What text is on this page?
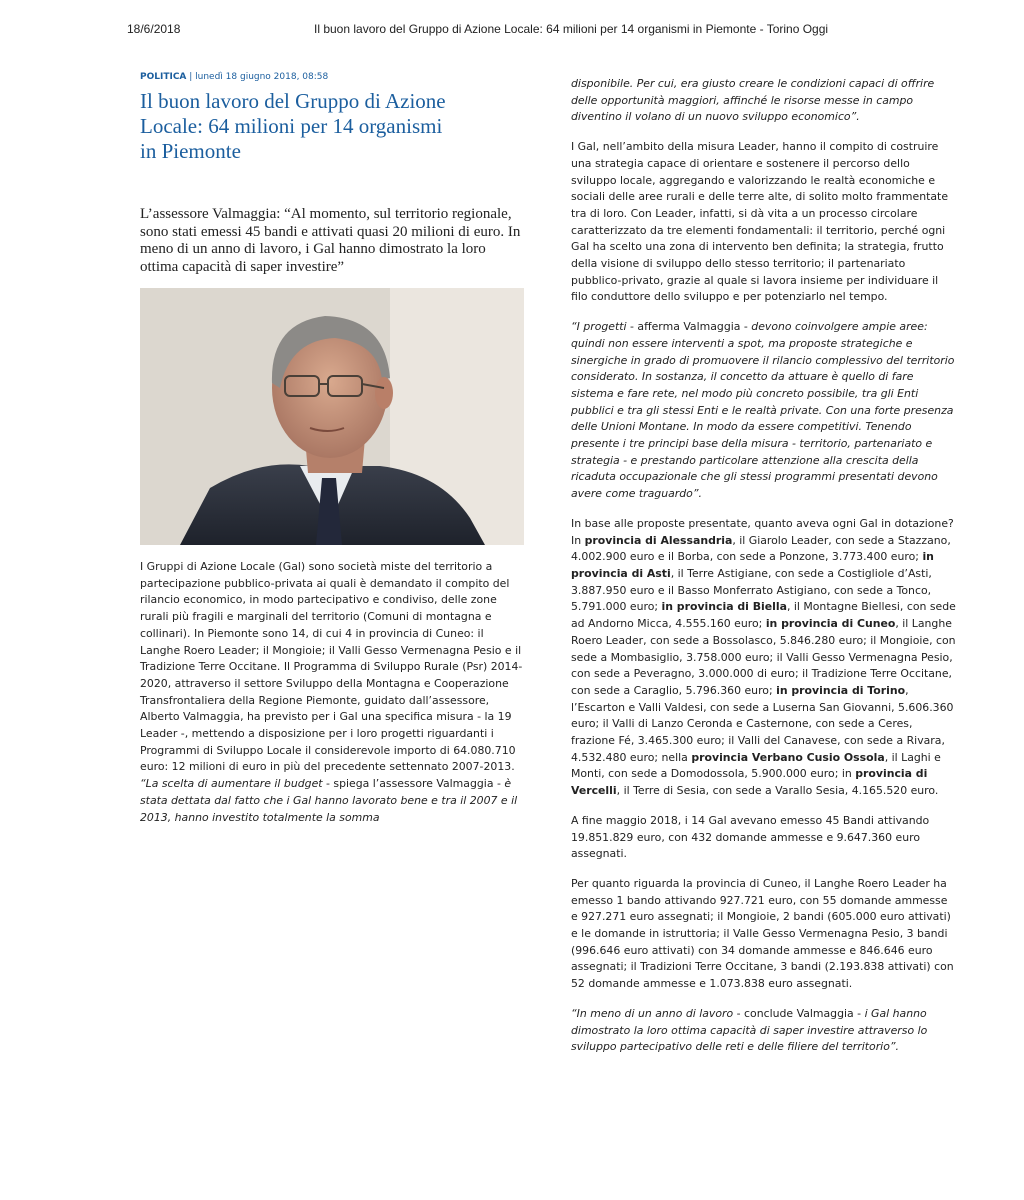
18/6/2018	Il buon lavoro del Gruppo di Azione Locale: 64 milioni per 14 organismi in Piemonte - Torino Oggi
POLITICA | lunedì 18 giugno 2018, 08:58
Il buon lavoro del Gruppo di Azione Locale: 64 milioni per 14 organismi in Piemonte
L’assessore Valmaggia: “Al momento, sul territorio regionale, sono stati emessi 45 bandi e attivati quasi 20 milioni di euro. In meno di un anno di lavoro, i Gal hanno dimostrato la loro ottima capacità di saper investire”

I Gruppi di Azione Locale (Gal) sono società miste del territorio a partecipazione pubblico-privata ai quali è demandato il compito del rilancio economico, in modo partecipativo e condiviso, delle zone rurali più fragili e marginali del territorio (Comuni di montagna e collinari). In Piemonte sono 14, di cui 4 in provincia di Cuneo: il Langhe Roero Leader; il Mongioie; il Valli Gesso Vermenagna Pesio e il Tradizione Terre Occitane. Il Programma di Sviluppo Rurale (Psr) 2014-2020, attraverso il settore Sviluppo della Montagna e Cooperazione Transfrontaliera della Regione Piemonte, guidato dall’assessore, Alberto Valmaggia, ha previsto per i Gal una specifica misura - la 19 Leader -, mettendo a disposizione per i loro progetti riguardanti i Programmi di Sviluppo Locale il considerevole importo di 64.080.710 euro: 12 milioni di euro in più del precedente settennato 2007-2013. “La scelta di aumentare il budget - spiega l’assessore Valmaggia - è stata dettata dal fatto che i Gal hanno lavorato bene e tra il 2007 e il 2013, hanno investito totalmente la somma

disponibile. Per cui, era giusto creare le condizioni capaci di offrire delle opportunità maggiori, affinché le risorse messe in campo diventino il volano di un nuovo sviluppo economico”.

I Gal, nell’ambito della misura Leader, hanno il compito di costruire una strategia capace di orientare e sostenere il percorso dello sviluppo locale, aggregando e valorizzando le realtà economiche e sociali delle aree rurali e delle terre alte, di solito molto frammentate tra di loro. Con Leader, infatti, si dà vita a un processo circolare caratterizzato da tre elementi fondamentali: il territorio, perché ogni Gal ha scelto una zona di intervento ben definita; la strategia, frutto della visione di sviluppo dello stesso territorio; il partenariato pubblico-privato, grazie al quale si lavora insieme per individuare il filo conduttore dello sviluppo e per potenziarlo nel tempo.

“I progetti - afferma Valmaggia - devono coinvolgere ampie aree: quindi non essere interventi a spot, ma proposte strategiche e sinergiche in grado di promuovere il rilancio complessivo del territorio considerato. In sostanza, il concetto da attuare è quello di fare sistema e fare rete, nel modo più concreto possibile, tra gli Enti pubblici e tra gli stessi Enti e le realtà private. Con una forte presenza delle Unioni Montane. In modo da essere competitivi. Tenendo presente i tre principi base della misura - territorio, partenariato e strategia - e prestando particolare attenzione alla crescita della ricaduta occupazionale che gli stessi programmi presentati devono avere come traguardo”.

In base alle proposte presentate, quanto aveva ogni Gal in dotazione? In provincia di Alessandria, il Giarolo Leader, con sede a Stazzano, 4.002.900 euro e il Borba, con sede a Ponzone, 3.773.400 euro; in provincia di Asti, il Terre Astigiane, con sede a Costigliole d’Asti, 3.887.950 euro e il Basso Monferrato Astigiano, con sede a Tonco, 5.791.000 euro; in provincia di Biella, il Montagne Biellesi, con sede ad Andorno Micca, 4.555.160 euro; in provincia di Cuneo, il Langhe Roero Leader, con sede a Bossolasco, 5.846.280 euro; il Mongioie, con sede a Mombasiglio, 3.758.000 euro; il Valli Gesso Vermenagna Pesio, con sede a Peveragno, 3.000.000 di euro; il Tradizione Terre Occitane, con sede a Caraglio, 5.796.360 euro; in provincia di Torino, l’Escarton e Valli Valdesi, con sede a Luserna San Giovanni, 5.606.360 euro; il Valli di Lanzo Ceronda e Casternone, con sede a Ceres, frazione Fé, 3.465.300 euro; il Valli del Canavese, con sede a Rivara, 4.532.480 euro; nella provincia Verbano Cusio Ossola, il Laghi e Monti, con sede a Domodossola, 5.900.000 euro; in provincia di Vercelli, il Terre di Sesia, con sede a Varallo Sesia, 4.165.520 euro.

A fine maggio 2018, i 14 Gal avevano emesso 45 Bandi attivando 19.851.829 euro, con 432 domande ammesse e 9.647.360 euro assegnati.

Per quanto riguarda la provincia di Cuneo, il Langhe Roero Leader ha emesso 1 bando attivando 927.721 euro, con 55 domande ammesse e 927.271 euro assegnati; il Mongioie, 2 bandi (605.000 euro attivati) e le domande in istruttoria; il Valle Gesso Vermenagna Pesio, 3 bandi (996.646 euro attivati) con 34 domande ammesse e 846.646 euro assegnati; il Tradizioni Terre Occitane, 3 bandi (2.193.838 attivati) con 52 domande ammesse e 1.073.838 euro assegnati.

“In meno di un anno di lavoro - conclude Valmaggia - i Gal hanno dimostrato la loro ottima capacità di saper investire attraverso lo sviluppo partecipativo delle reti e delle filiere del territorio”.
